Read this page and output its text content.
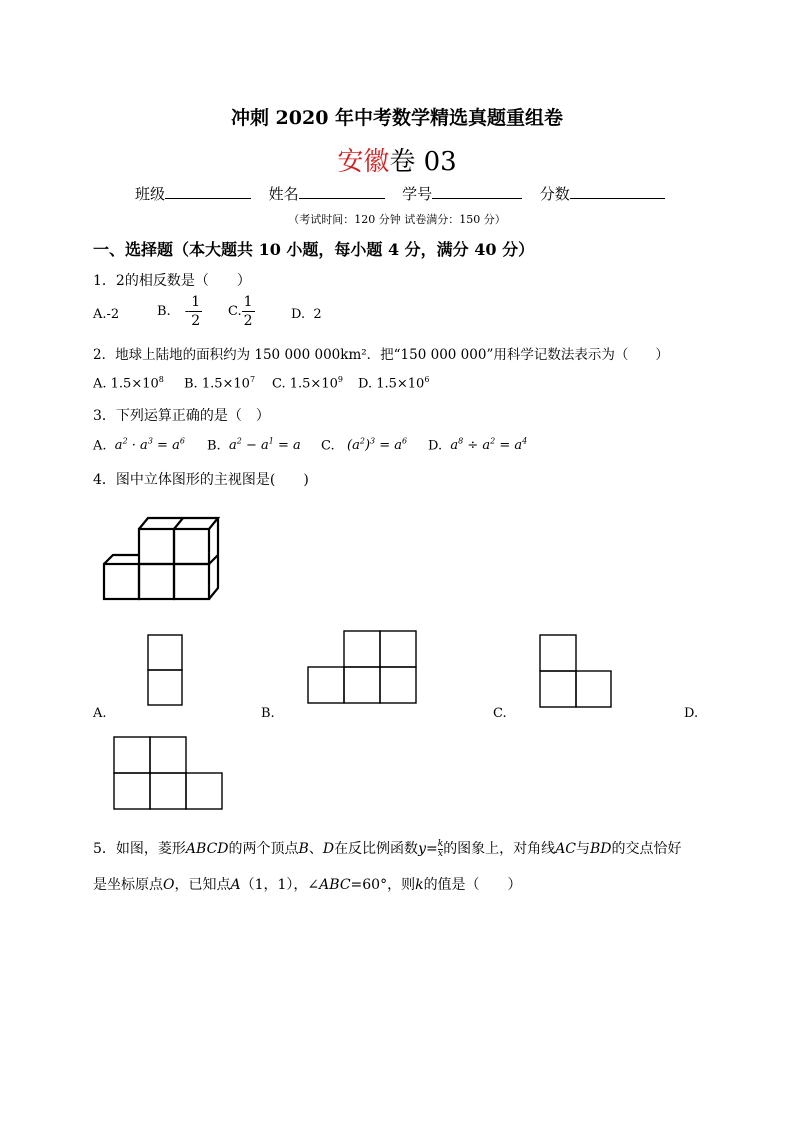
冲刺 2020 年中考数学精选真题重组卷
安徽卷 03
班级	姓名	学号	分数
（考试时间：120 分钟 试卷满分：150 分）
一、选择题（本大题共 10 小题，每小题 4 分，满分 40 分）
1．2的相反数是（　　）
A.-2	B. - $\frac{1}{2} C$. $\frac{1}{2}$	D. 2
2．地球上陆地的面积约为 150 000 000km²．把“150 000 000”用科学记数法表示为（　　）
A. $1.5\times 10^8$ B. $1.5\times 10^7$ C. $1.5\times 10^9$ D. $1.5\times 10^6$
3．下列运算正确的是（　）
A.  $a^2 \cdot a^3 = a^6$ B.  $a^2 - a^1 = a$ C.   $(a^2)^3 = a^6$ D.  $a^8 \div a^2 = a^4$
4．图中立体图形的主视图是(　　)
A.	B.	C.	D.
5．如图，菱形ABCD的两个顶点B、D在反比例函数$y= \frac{k}{x}$ 的图象上，对角线AC与BD的交点恰好
是坐标原点O，已知点A（1，1），∠ABC=60°，则k的值是（　　）
